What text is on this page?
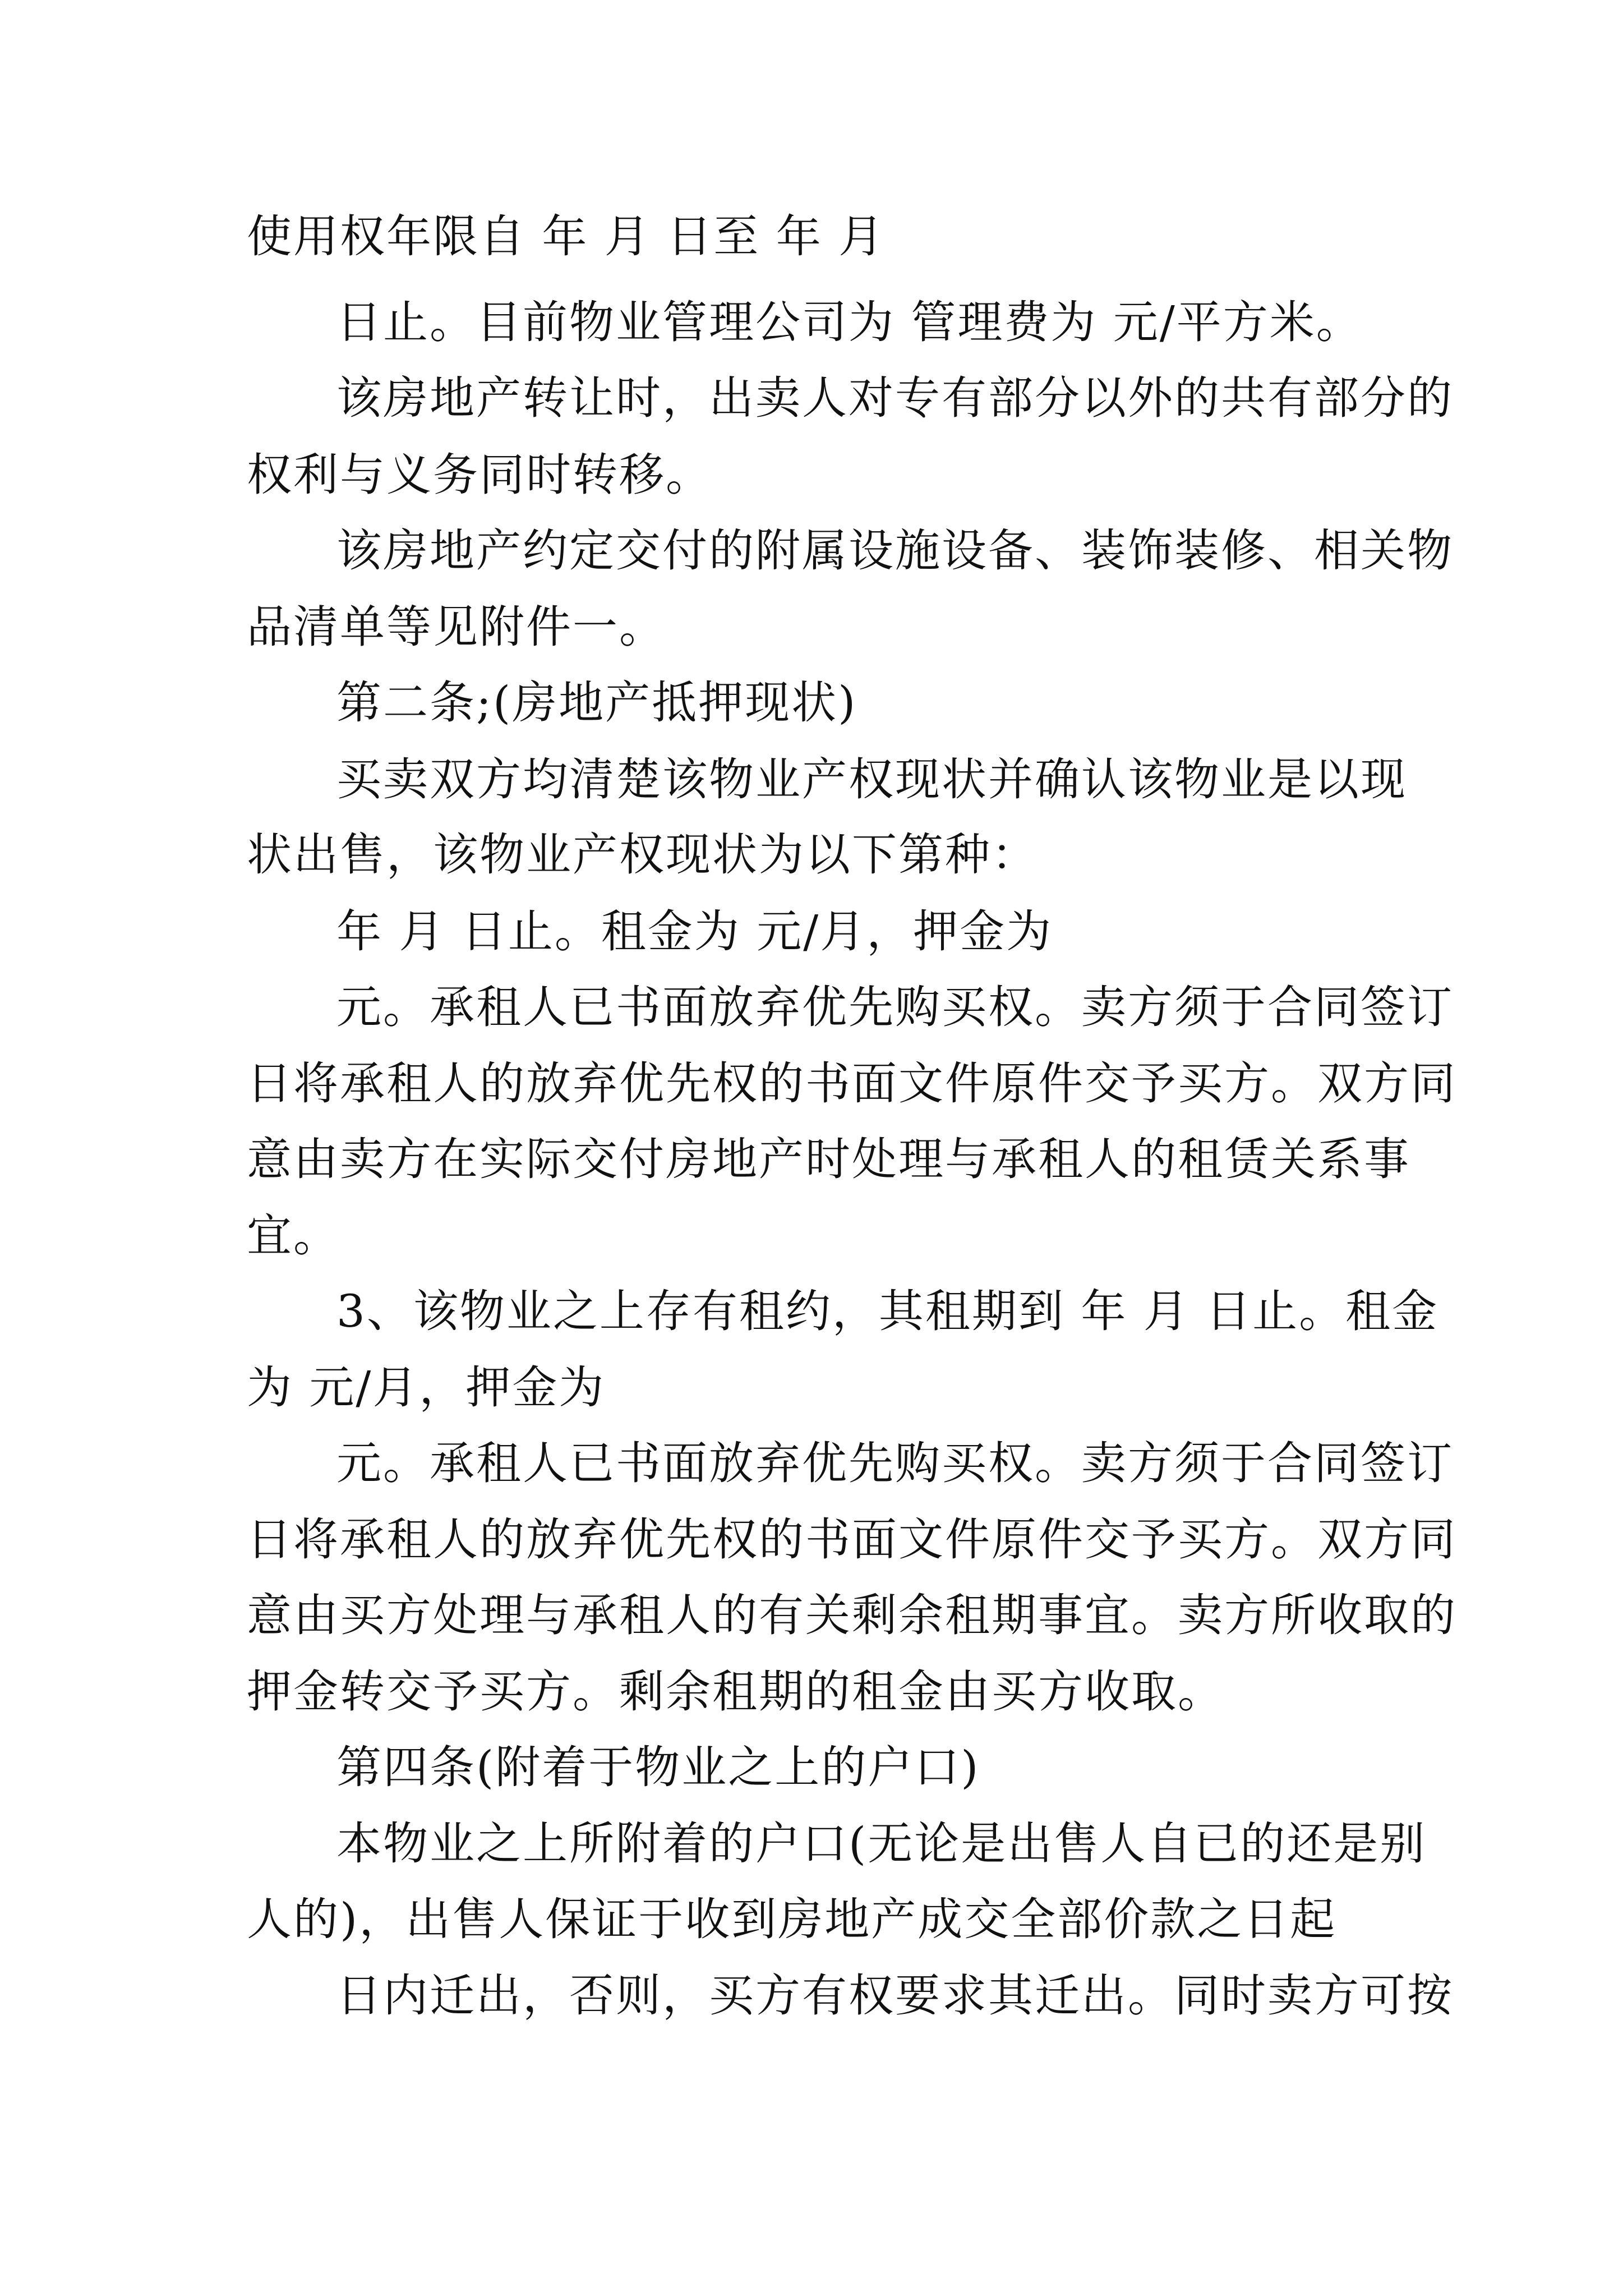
使用权年限自 年 月 日至 年 月

日止。目前物业管理公司为 管理费为 元/平方米。

该房地产转让时，出卖人对专有部分以外的共有部分的

权利与义务同时转移。

该房地产约定交付的附属设施设备、装饰装修、相关物

品清单等见附件一。

第二条;(房地产抵押现状)

买卖双方均清楚该物业产权现状并确认该物业是以现

状出售，该物业产权现状为以下第种：

年 月 日止。租金为 元/月，押金为

元。承租人已书面放弃优先购买权。卖方须于合同签订

日将承租人的放弃优先权的书面文件原件交予买方。双方同

意由卖方在实际交付房地产时处理与承租人的租赁关系事

宜。

3、该物业之上存有租约，其租期到 年 月 日止。租金

为 元/月，押金为

元。承租人已书面放弃优先购买权。卖方须于合同签订

日将承租人的放弃优先权的书面文件原件交予买方。双方同

意由买方处理与承租人的有关剩余租期事宜。卖方所收取的

押金转交予买方。剩余租期的租金由买方收取。

第四条(附着于物业之上的户口)

本物业之上所附着的户口(无论是出售人自已的还是别

人的)，出售人保证于收到房地产成交全部价款之日起

日内迁出，否则，买方有权要求其迁出。同时卖方可按
